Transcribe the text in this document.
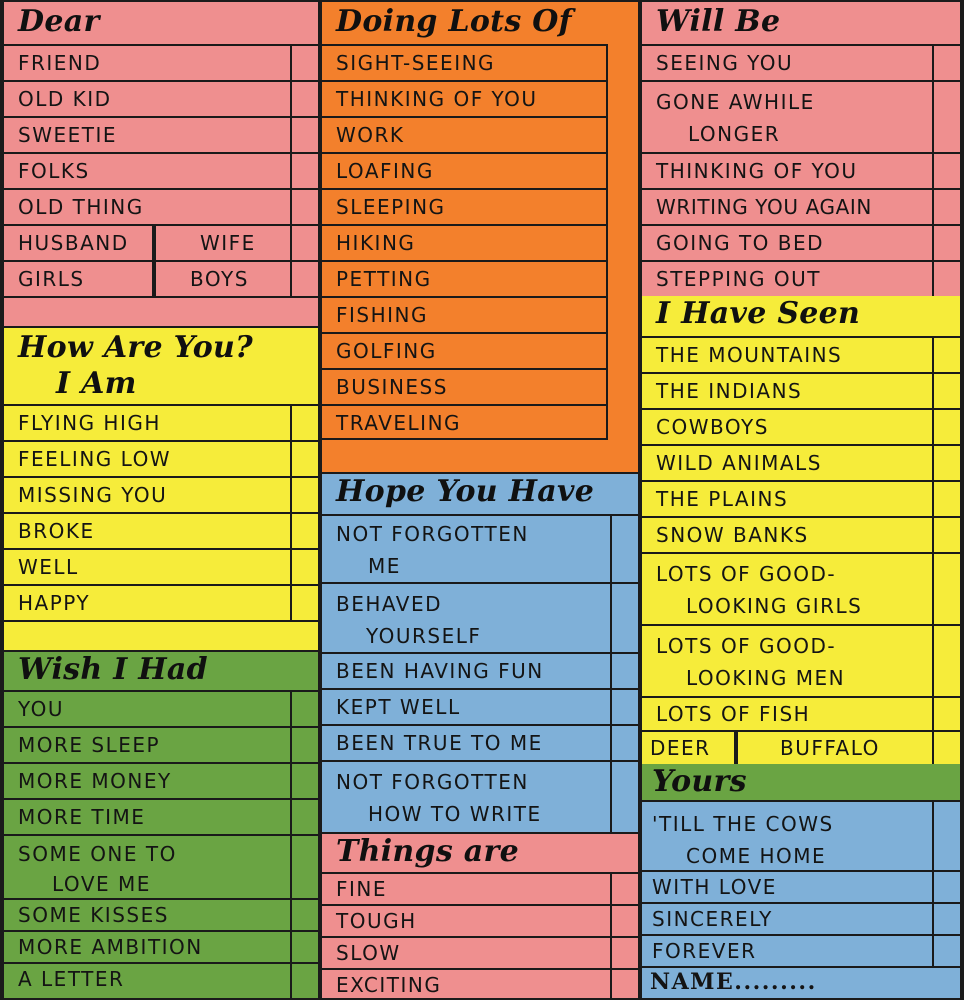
Dear
FRIEND
OLD KID
SWEETIE
FOLKS
OLD THING
HUSBAND	WIFE
GIRLS	BOYS
How Are You?
I Am
FLYING HIGH
FEELING LOW
MISSING YOU
BROKE
WELL
HAPPY
Wish I Had
YOU
MORE SLEEP
MORE MONEY
MORE TIME
SOME ONE TO
LOVE ME
SOME KISSES
MORE AMBITION
A LETTER
Doing Lots Of
SIGHT-SEEING
THINKING OF YOU
WORK
LOAFING
SLEEPING
HIKING
PETTING
FISHING
GOLFING
BUSINESS
TRAVELING
Hope You Have
NOT FORGOTTEN
ME
BEHAVED
YOURSELF
BEEN HAVING FUN
KEPT WELL
BEEN TRUE TO ME
NOT FORGOTTEN
HOW TO WRITE
Things are
FINE
TOUGH
SLOW
EXCITING
Will Be
SEEING YOU
GONE AWHILE
LONGER
THINKING OF YOU
WRITING YOU AGAIN
GOING TO BED
STEPPING OUT
I Have Seen
THE MOUNTAINS
THE INDIANS
COWBOYS
WILD ANIMALS
THE PLAINS
SNOW BANKS
LOTS OF GOOD-
LOOKING GIRLS
LOTS OF GOOD-
LOOKING MEN
LOTS OF FISH
DEER	BUFFALO
Yours
'TILL THE COWS
COME HOME
WITH LOVE
SINCERELY
FOREVER
NAME.........
